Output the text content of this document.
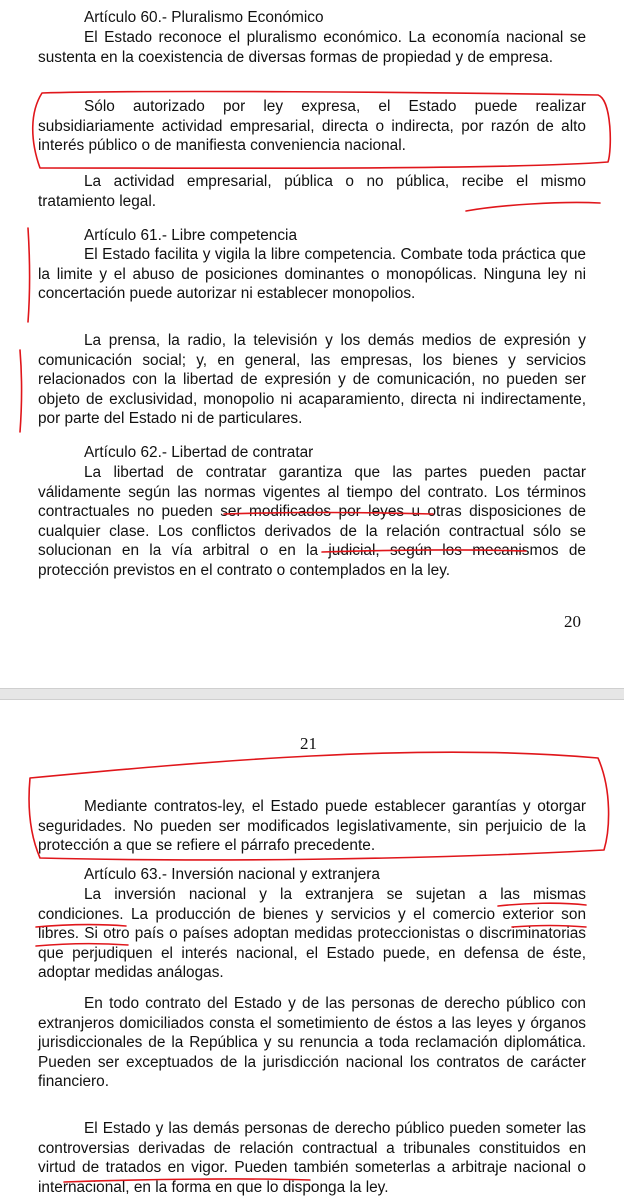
Artículo 60.- Pluralismo Económico

El Estado reconoce el pluralismo económico. La economía nacional se sustenta en la coexistencia de diversas formas de propiedad y de empresa.

Sólo autorizado por ley expresa, el Estado puede realizar subsidiariamente actividad empresarial, directa o indirecta, por razón de alto interés público o de manifiesta conveniencia nacional.

La actividad empresarial, pública o no pública, recibe el mismo tratamiento legal.

Artículo 61.- Libre competencia

El Estado facilita y vigila la libre competencia. Combate toda práctica que la limite y el abuso de posiciones dominantes o monopólicas. Ninguna ley ni concertación puede autorizar ni establecer monopolios.

La prensa, la radio, la televisión y los demás medios de expresión y comunicación social; y, en general, las empresas, los bienes y servicios relacionados con la libertad de expresión y de comunicación, no pueden ser objeto de exclusividad, monopolio ni acaparamiento, directa ni indirectamente, por parte del Estado ni de particulares.

Artículo 62.- Libertad de contratar

La libertad de contratar garantiza que las partes pueden pactar válidamente según las normas vigentes al tiempo del contrato. Los términos contractuales no pueden ser modificados por leyes u otras disposiciones de cualquier clase. Los conflictos derivados de la relación contractual sólo se solucionan en la vía arbitral o en la judicial, según los mecanismos de protección previstos en el contrato o contemplados en la ley.

20
21

Mediante contratos-ley, el Estado puede establecer garantías y otorgar seguridades. No pueden ser modificados legislativamente, sin perjuicio de la protección a que se refiere el párrafo precedente.

Artículo 63.- Inversión nacional y extranjera

La inversión nacional y la extranjera se sujetan a las mismas condiciones. La producción de bienes y servicios y el comercio exterior son libres. Si otro país o países adoptan medidas proteccionistas o discriminatorias que perjudiquen el interés nacional, el Estado puede, en defensa de éste, adoptar medidas análogas.

En todo contrato del Estado y de las personas de derecho público con extranjeros domiciliados consta el sometimiento de éstos a las leyes y órganos jurisdiccionales de la República y su renuncia a toda reclamación diplomática. Pueden ser exceptuados de la jurisdicción nacional los contratos de carácter financiero.

El Estado y las demás personas de derecho público pueden someter las controversias derivadas de relación contractual a tribunales constituidos en virtud de tratados en vigor. Pueden también someterlas a arbitraje nacional o internacional, en la forma en que lo disponga la ley.
